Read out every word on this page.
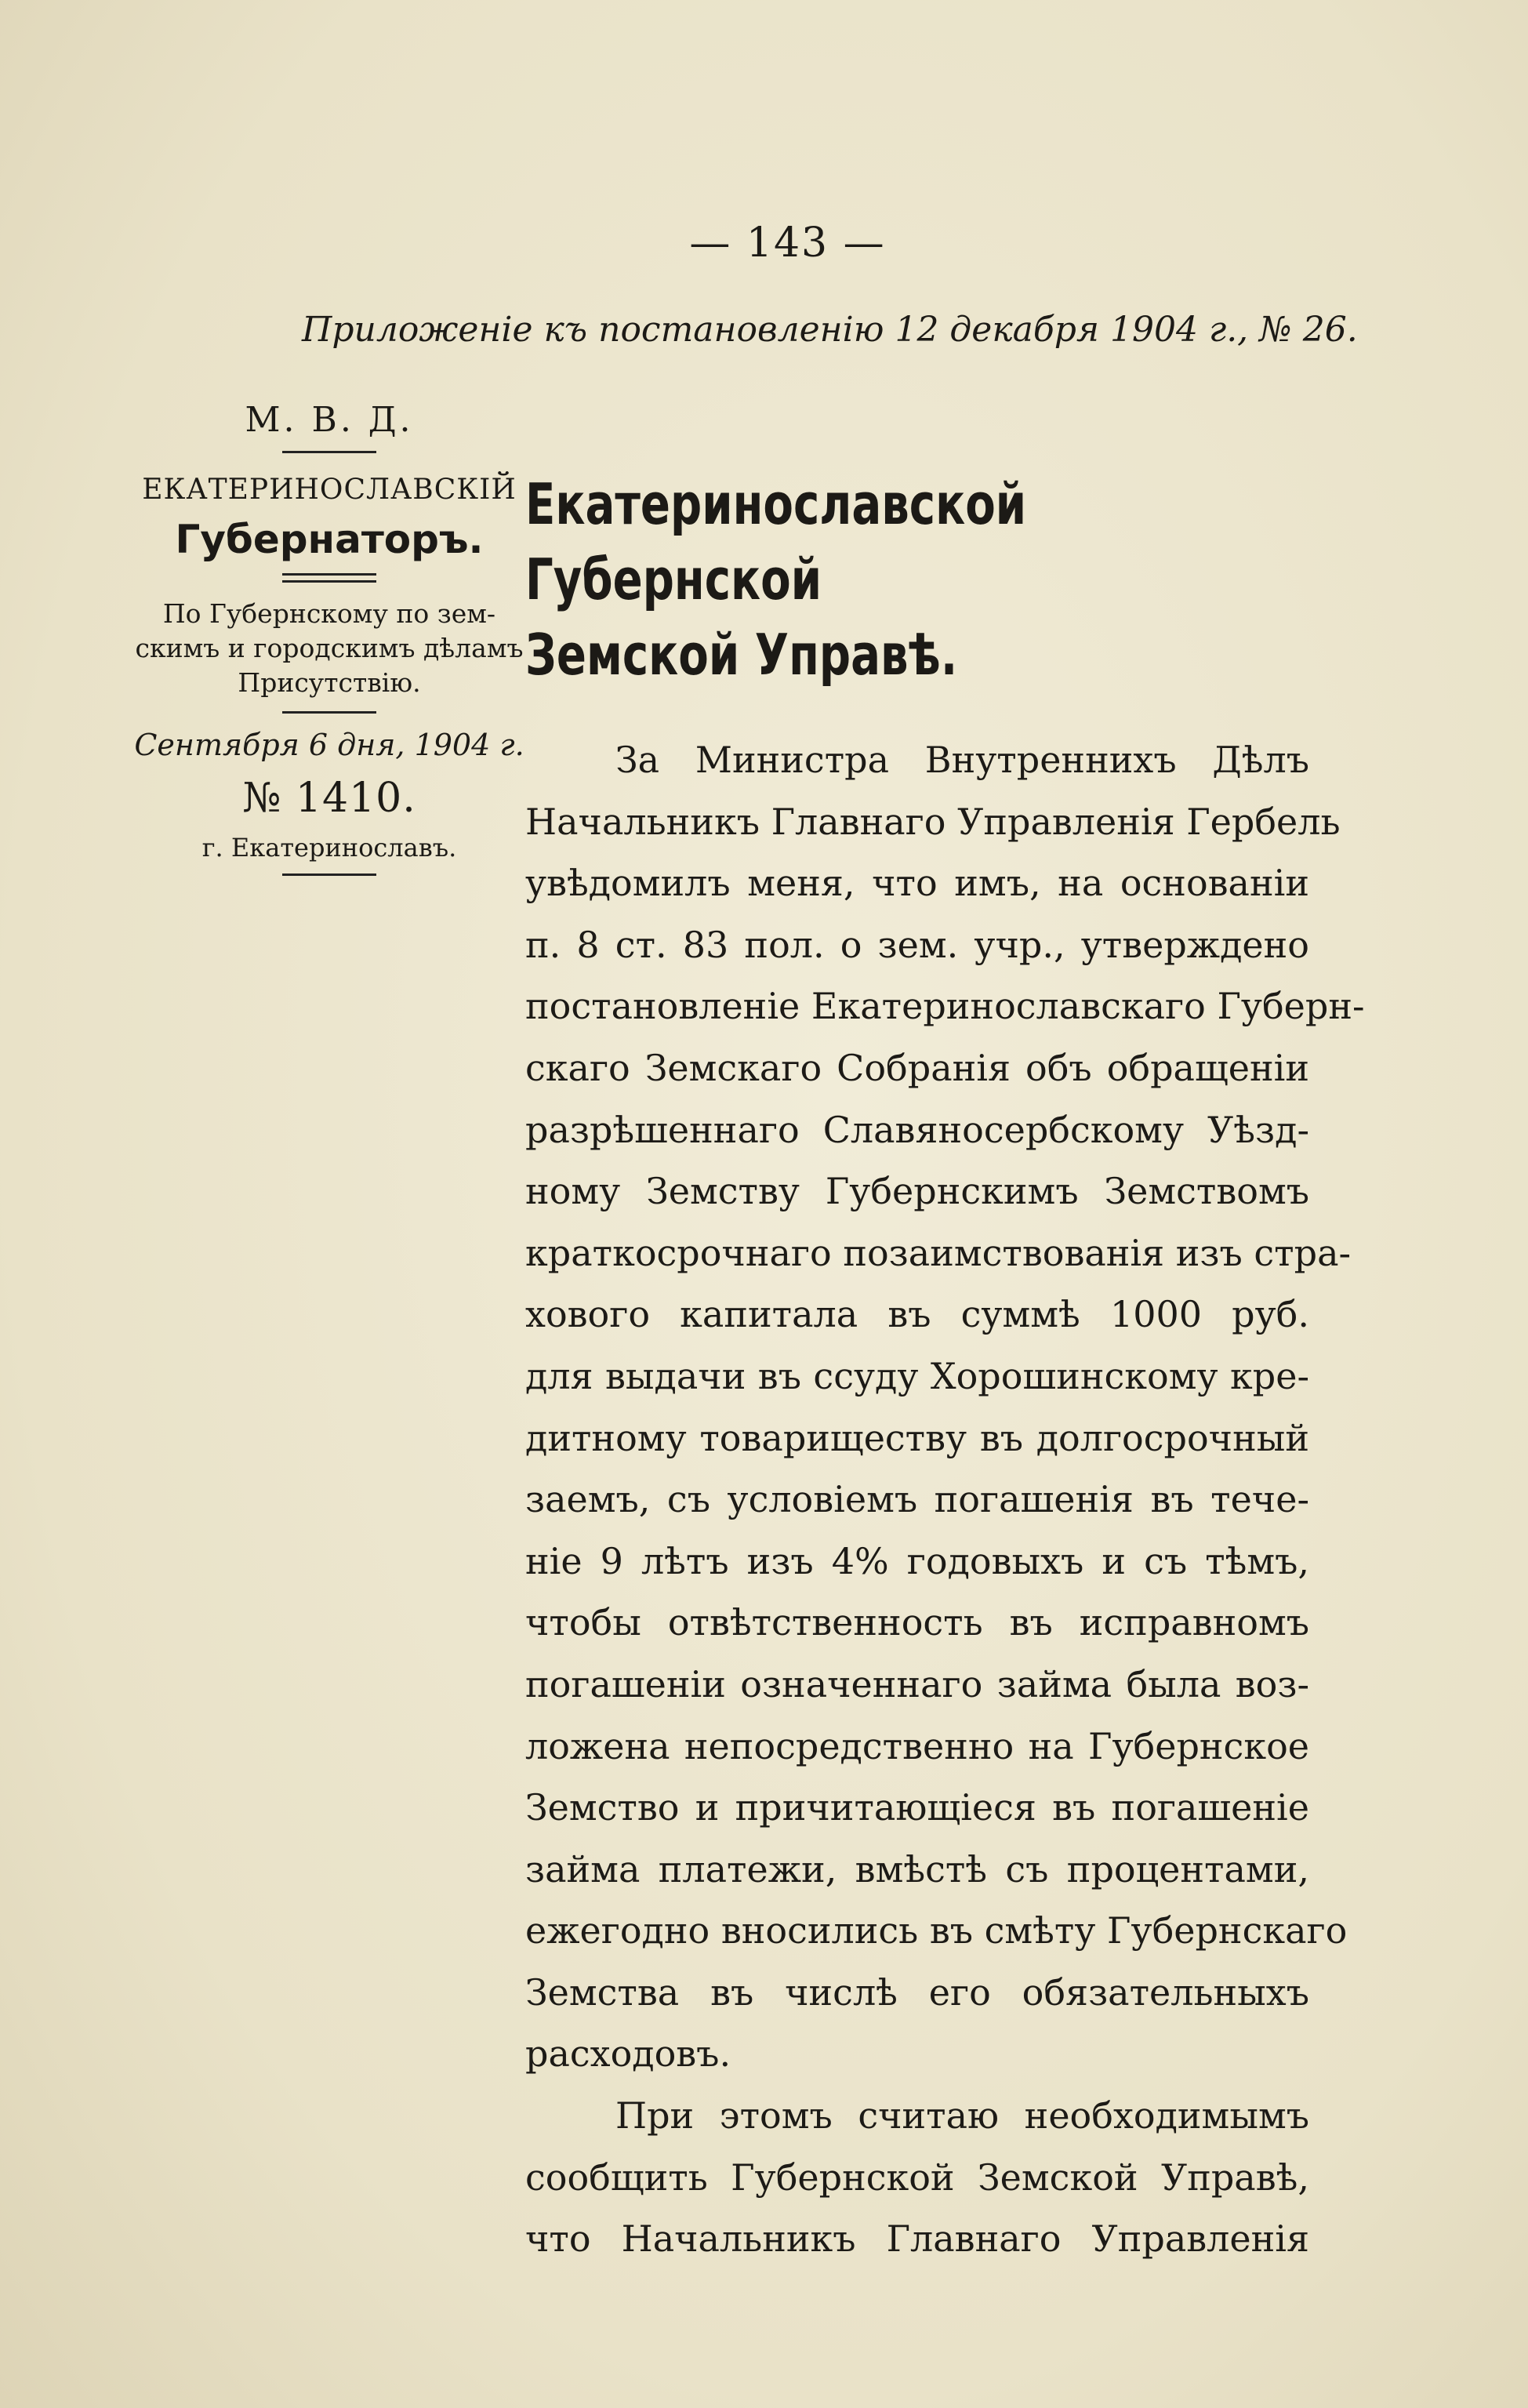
— 143 —
Приложеніе къ постановленію 12 декабря 1904 г., № 26.
М. В. Д.
ЕКАТЕРИНОСЛАВСКІЙ
Губернаторъ.
По Губернскому по зем-
скимъ и городскимъ дѣламъ
Присутствію.
Сентября 6 дня, 1904 г.
№ 1410.
г. Екатеринославъ.
Екатеринославской Губернской
Земской Управѣ.
За Министра Внутреннихъ Дѣлъ
Начальникъ Главнаго Управленія Гербель
увѣдомилъ меня, что имъ, на основаніи
п. 8 ст. 83 пол. о зем. учр., утверждено
постановленіе Екатеринославскаго Губерн-
скаго Земскаго Собранія объ обращеніи
разрѣшеннаго Славяносербскому Уѣзд-
ному Земству Губернскимъ Земствомъ
краткосрочнаго позаимствованія изъ стра-
хового капитала въ суммѣ 1000 руб.
для выдачи въ ссуду Хорошинскому кре-
дитному товариществу въ долгосрочный
заемъ, съ условіемъ погашенія въ тече-
ніе 9 лѣтъ изъ 4% годовыхъ и съ тѣмъ,
чтобы отвѣтственность въ исправномъ
погашеніи означеннаго займа была воз-
ложена непосредственно на Губернское
Земство и причитающіеся въ погашеніе
займа платежи, вмѣстѣ съ процентами,
ежегодно вносились въ смѣту Губернскаго
Земства въ числѣ его обязательныхъ
расходовъ.
При этомъ считаю необходимымъ
сообщить Губернской Земской Управѣ,
что Начальникъ Главнаго Управленія
